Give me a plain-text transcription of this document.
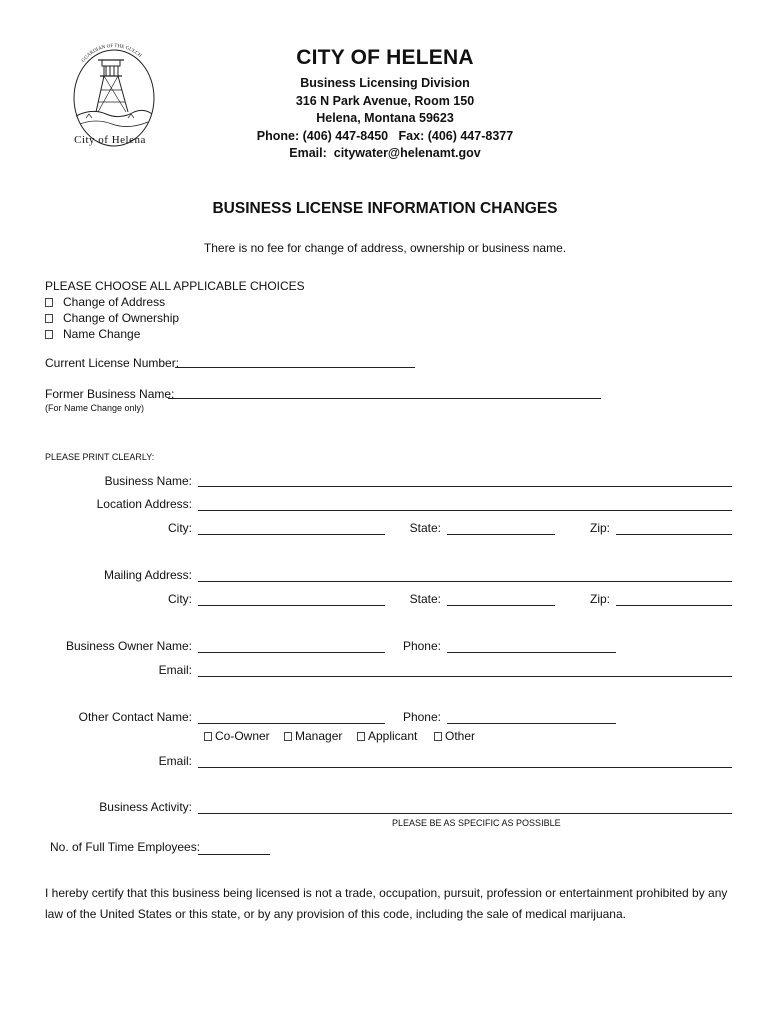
GUARDIAN OF THE GULCH
City of Helena
CITY OF HELENA
Business Licensing Division
316 N Park Avenue, Room 150
Helena, Montana 59623
Phone: (406) 447-8450   Fax: (406) 447-8377
Email:  citywater@helenamt.gov
BUSINESS LICENSE INFORMATION CHANGES
There is no fee for change of address, ownership or business name.
PLEASE CHOOSE ALL APPLICABLE CHOICES
Change of Address
Change of Ownership
Name Change
Current License Number:
Former Business Name:
(For Name Change only)
PLEASE PRINT CLEARLY:
Business Name:
Location Address:
City:	State:	Zip:
Mailing Address:
City:	State:	Zip:
Business Owner Name:	Phone:
Email:
Other Contact Name:	Phone:
Co-Owner	Manager	Applicant	Other
Email:
Business Activity:
PLEASE BE AS SPECIFIC AS POSSIBLE
No. of Full Time Employees:
I hereby certify that this business being licensed is not a trade, occupation, pursuit, profession or entertainment prohibited by any law of the United States or this state, or by any provision of this code, including the sale of medical marijuana.
